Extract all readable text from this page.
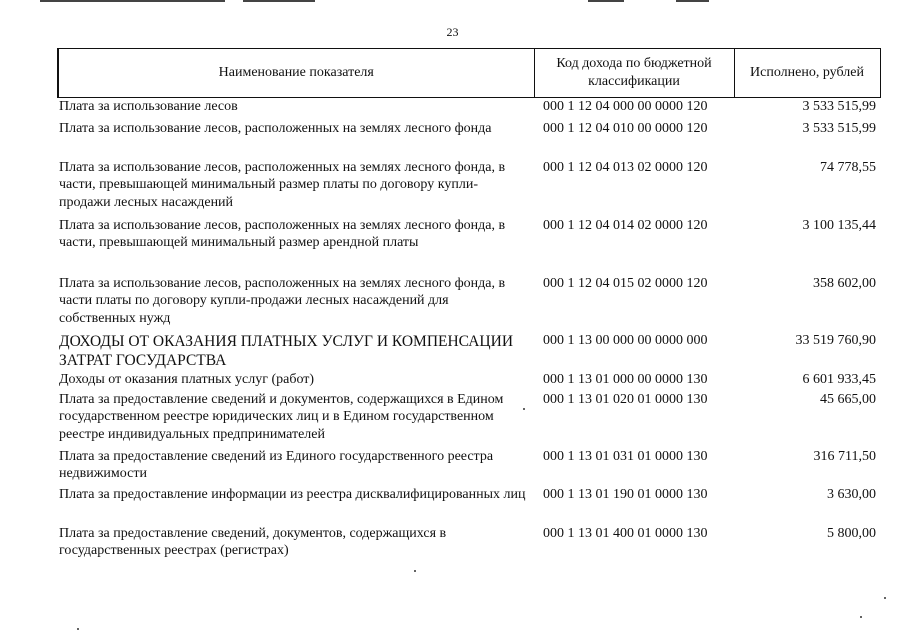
23
Наименование показателя	Код дохода по бюджетной классификации	Исполнено, рублей
Плата за использование лесов	000 1 12 04 000 00 0000 120	3 533 515,99
Плата за использование лесов, расположенных на землях лесного фонда	000 1 12 04 010 00 0000 120	3 533 515,99
Плата за использование лесов, расположенных на землях лесного фонда, в части, превышающей минимальный размер платы по договору купли-продажи лесных насаждений	000 1 12 04 013 02 0000 120	74 778,55
Плата за использование лесов, расположенных на землях лесного фонда, в части, превышающей минимальный размер арендной платы	000 1 12 04 014 02 0000 120	3 100 135,44
Плата за использование лесов, расположенных на землях лесного фонда, в части платы по договору купли-продажи лесных насаждений для собственных нужд	000 1 12 04 015 02 0000 120	358 602,00
ДОХОДЫ ОТ ОКАЗАНИЯ ПЛАТНЫХ УСЛУГ И КОМПЕНСАЦИИ ЗАТРАТ ГОСУДАРСТВА	000 1 13 00 000 00 0000 000	33 519 760,90
Доходы от оказания платных услуг (работ)	000 1 13 01 000 00 0000 130	6 601 933,45
Плата за предоставление сведений и документов, содержащихся в Едином государственном реестре юридических лиц и в Едином государственном реестре индивидуальных предпринимателей	000 1 13 01 020 01 0000 130	45 665,00
Плата за предоставление сведений из Единого государственного реестра недвижимости	000 1 13 01 031 01 0000 130	316 711,50
Плата за предоставление информации из реестра дисквалифицированных лиц	000 1 13 01 190 01 0000 130	3 630,00
Плата за предоставление сведений, документов, содержащихся в государственных реестрах (регистрах)	000 1 13 01 400 01 0000 130	5 800,00
